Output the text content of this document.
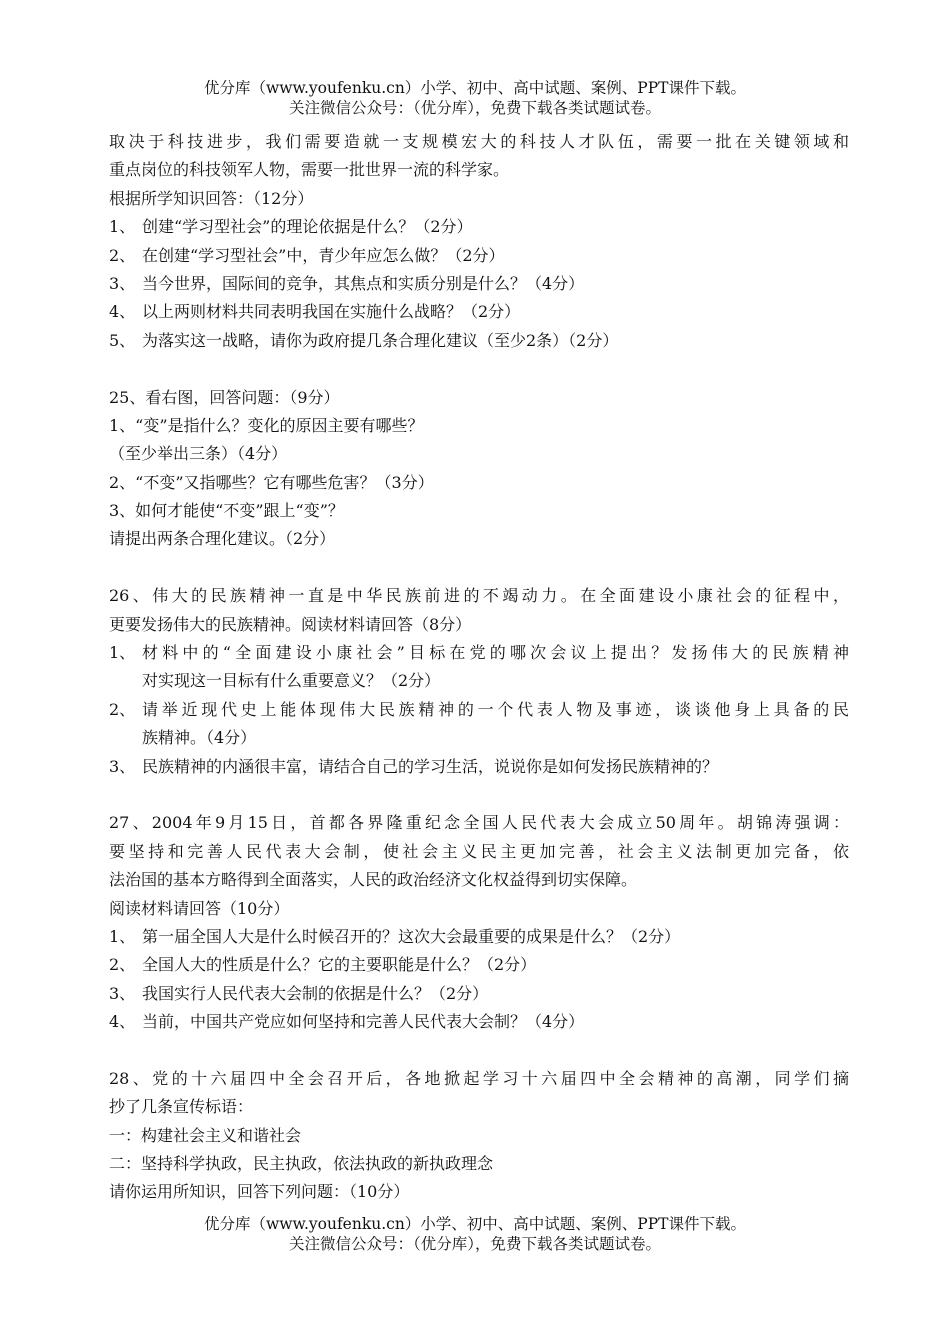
优分库（www.youfenku.cn）小学、初中、高中试题、案例、PPT课件下载。
关注微信公众号：（优分库），免费下载各类试题试卷。
取决于科技进步，我们需要造就一支规模宏大的科技人才队伍，需要一批在关键领域和
重点岗位的科技领军人物，需要一批世界一流的科学家。
根据所学知识回答：（12分）
1、 创建“学习型社会”的理论依据是什么？（2分）
2、 在创建“学习型社会”中，青少年应怎么做？（2分）
3、 当今世界，国际间的竞争，其焦点和实质分别是什么？（4分）
4、 以上两则材料共同表明我国在实施什么战略？（2分）
5、 为落实这一战略，请你为政府提几条合理化建议（至少2条）（2分）
25、看右图，回答问题：（9分）
1、“变”是指什么？变化的原因主要有哪些？
（至少举出三条）（4分）
2、“不变”又指哪些？它有哪些危害？（3分）
3、如何才能使“不变”跟上“变”？
请提出两条合理化建议。（2分）
26、伟大的民族精神一直是中华民族前进的不竭动力。在全面建设小康社会的征程中，
更要发扬伟大的民族精神。阅读材料请回答（8分）
1、 材料中的“全面建设小康社会”目标在党的哪次会议上提出？发扬伟大的民族精神
对实现这一目标有什么重要意义？（2分）
2、 请举近现代史上能体现伟大民族精神的一个代表人物及事迹，谈谈他身上具备的民
族精神。（4分）
3、 民族精神的内涵很丰富，请结合自己的学习生活，说说你是如何发扬民族精神的？
27、2004年9月15日，首都各界隆重纪念全国人民代表大会成立50周年。胡锦涛强调：
要坚持和完善人民代表大会制，使社会主义民主更加完善，社会主义法制更加完备，依
法治国的基本方略得到全面落实，人民的政治经济文化权益得到切实保障。
阅读材料请回答（10分）
1、 第一届全国人大是什么时候召开的？这次大会最重要的成果是什么？（2分）
2、 全国人大的性质是什么？它的主要职能是什么？（2分）
3、 我国实行人民代表大会制的依据是什么？（2分）
4、 当前，中国共产党应如何坚持和完善人民代表大会制？（4分）
28、党的十六届四中全会召开后，各地掀起学习十六届四中全会精神的高潮，同学们摘
抄了几条宣传标语：
一：构建社会主义和谐社会
二：坚持科学执政，民主执政，依法执政的新执政理念
请你运用所知识，回答下列问题：（10分）
优分库（www.youfenku.cn）小学、初中、高中试题、案例、PPT课件下载。
关注微信公众号：（优分库），免费下载各类试题试卷。
